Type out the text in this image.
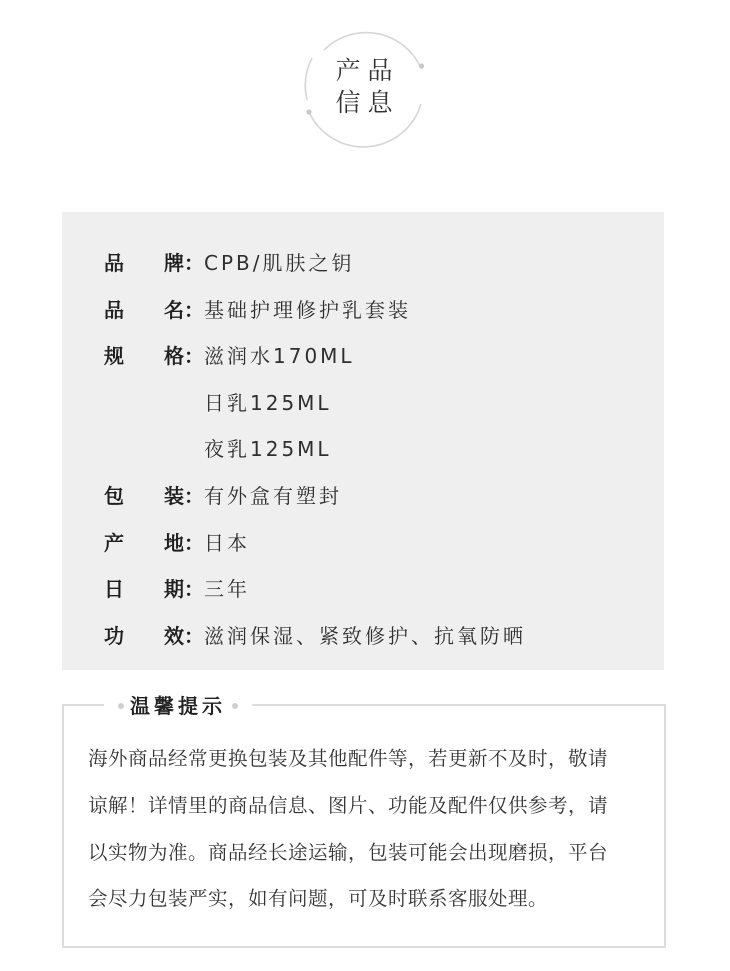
产品
信息
品 牌：CPB/肌肤之钥
品 名：基础护理修护乳套装
规 格：滋润水170ML
日乳125ML
夜乳125ML
包 装：有外盒有塑封
产 地：日本
日 期：三年
功 效：滋润保湿、紧致修护、抗氧防晒
温馨提示
海外商品经常更换包装及其他配件等，若更新不及时，敬请
谅解！详情里的商品信息、图片、功能及配件仅供参考，请
以实物为准。商品经长途运输，包装可能会出现磨损，平台
会尽力包装严实，如有问题，可及时联系客服处理。
